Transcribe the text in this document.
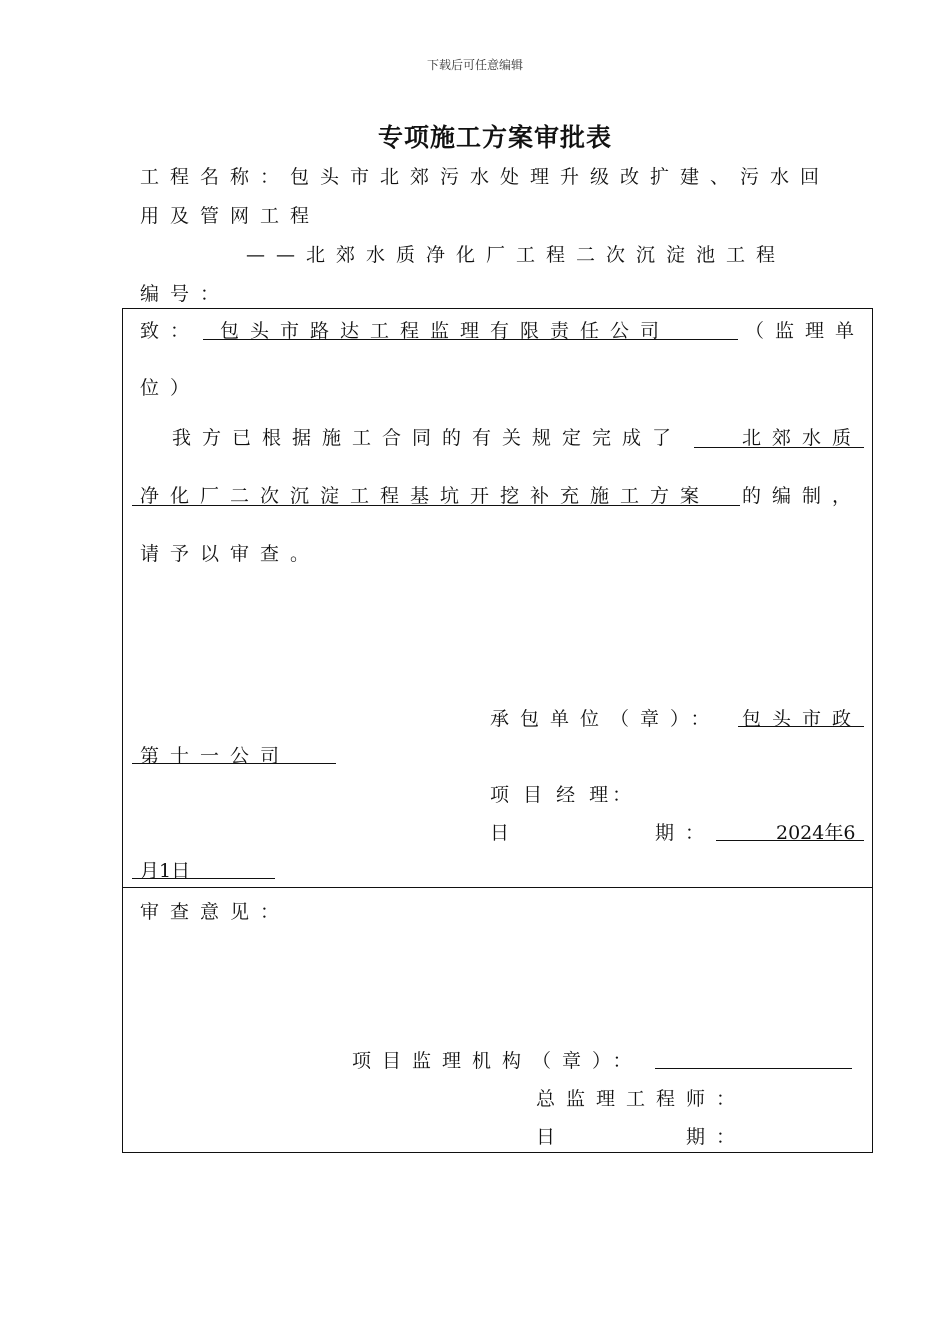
下载后可任意编辑
专项施工方案审批表
工程名称：包头市北郊污水处理升级改扩建、污水回
用及管网工程
——北郊水质净化厂工程二次沉淀池工程
编号：
致： 包头市路达工程监理有限责任公司	（监理单
位）
我方已根据施工合同的有关规定完成了	北郊水质
净化厂二次沉淀工程基坑开挖补充施工方案 的编制，
请予以审查。
承包单位（章）： 包头市政
第十一公司
项 目 经 理：
日	期：	2024年6
月1日
审查意见：
项目监理机构（章）：
总监理工程师：
日	期：
